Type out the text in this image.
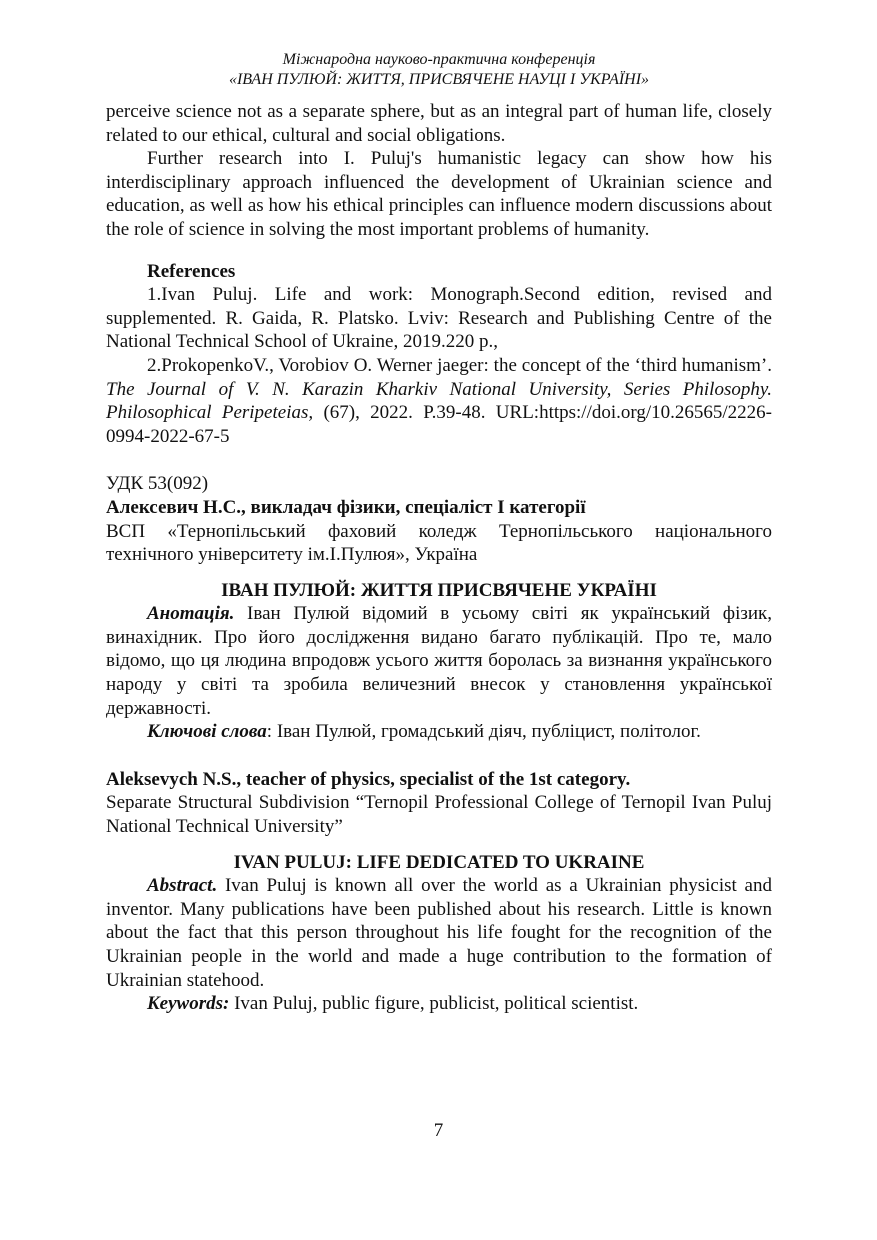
Міжнародна науково-практична конференція
«ІВАН ПУЛЮЙ: ЖИТТЯ, ПРИСВЯЧЕНЕ НАУЦІ І УКРАЇНІ»

perceive science not as a separate sphere, but as an integral part of human life, closely related to our ethical, cultural and social obligations.

Further research into I. Puluj's humanistic legacy can show how his interdisciplinary approach influenced the development of Ukrainian science and education, as well as how his ethical principles can influence modern discussions about the role of science in solving the most important problems of humanity.

References

1.Ivan Puluj. Life and work: Monograph.Second edition, revised and supplemented. R. Gaida, R. Platsko. Lviv: Research and Publishing Centre of the National Technical School of Ukraine, 2019.220 p.,

2.ProkopenkoV., Vorobiov O. Werner jaeger: the concept of the ‘third humanism’. The Journal of V. N. Karazin Kharkiv National University, Series Philosophy. Philosophical Peripeteias, (67), 2022. P.39-48. URL:https://doi.org/10.26565/2226-0994-2022-67-5

УДК 53(092)

Алексевич Н.С., викладач фізики, спеціаліст І категорії

ВСП «Тернопільський фаховий коледж Тернопільського національного технічного університету ім.І.Пулюя», Україна

ІВАН ПУЛЮЙ: ЖИТТЯ ПРИСВЯЧЕНЕ УКРАЇНІ

Анотація. Іван Пулюй відомий в усьому світі як український фізик, винахідник. Про його дослідження видано багато публікацій. Про те, мало відомо, що ця людина впродовж усього життя боролась за визнання українського народу у світі та зробила величезний внесок у становлення української державності.

Ключові слова: Іван Пулюй, громадський діяч, публіцист, політолог.

Aleksevych N.S., teacher of physics, specialist of the 1st category.

Separate Structural Subdivision “Ternopil Professional College of Ternopil Ivan Puluj National Technical University”

IVAN PULUJ: LIFE DEDICATED TO UKRAINE

Abstract. Ivan Puluj is known all over the world as a Ukrainian physicist and inventor. Many publications have been published about his research. Little is known about the fact that this person throughout his life fought for the recognition of the Ukrainian people in the world and made a huge contribution to the formation of Ukrainian statehood.

Keywords: Ivan Puluj, public figure, publicist, political scientist.

7
